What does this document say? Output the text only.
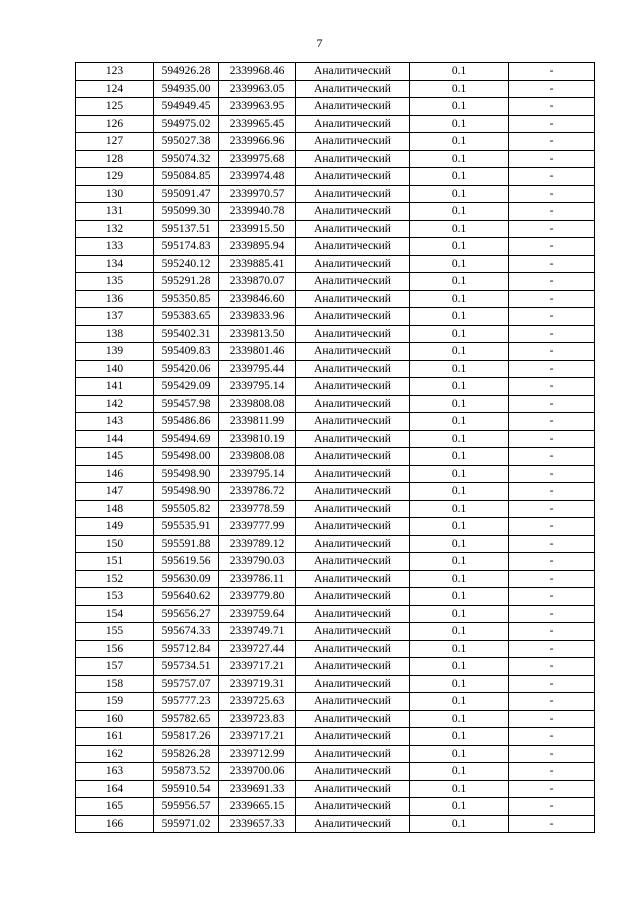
7
123	594926.28	2339968.46	Аналитический	0.1	-
124	594935.00	2339963.05	Аналитический	0.1	-
125	594949.45	2339963.95	Аналитический	0.1	-
126	594975.02	2339965.45	Аналитический	0.1	-
127	595027.38	2339966.96	Аналитический	0.1	-
128	595074.32	2339975.68	Аналитический	0.1	-
129	595084.85	2339974.48	Аналитический	0.1	-
130	595091.47	2339970.57	Аналитический	0.1	-
131	595099.30	2339940.78	Аналитический	0.1	-
132	595137.51	2339915.50	Аналитический	0.1	-
133	595174.83	2339895.94	Аналитический	0.1	-
134	595240.12	2339885.41	Аналитический	0.1	-
135	595291.28	2339870.07	Аналитический	0.1	-
136	595350.85	2339846.60	Аналитический	0.1	-
137	595383.65	2339833.96	Аналитический	0.1	-
138	595402.31	2339813.50	Аналитический	0.1	-
139	595409.83	2339801.46	Аналитический	0.1	-
140	595420.06	2339795.44	Аналитический	0.1	-
141	595429.09	2339795.14	Аналитический	0.1	-
142	595457.98	2339808.08	Аналитический	0.1	-
143	595486.86	2339811.99	Аналитический	0.1	-
144	595494.69	2339810.19	Аналитический	0.1	-
145	595498.00	2339808.08	Аналитический	0.1	-
146	595498.90	2339795.14	Аналитический	0.1	-
147	595498.90	2339786.72	Аналитический	0.1	-
148	595505.82	2339778.59	Аналитический	0.1	-
149	595535.91	2339777.99	Аналитический	0.1	-
150	595591.88	2339789.12	Аналитический	0.1	-
151	595619.56	2339790.03	Аналитический	0.1	-
152	595630.09	2339786.11	Аналитический	0.1	-
153	595640.62	2339779.80	Аналитический	0.1	-
154	595656.27	2339759.64	Аналитический	0.1	-
155	595674.33	2339749.71	Аналитический	0.1	-
156	595712.84	2339727.44	Аналитический	0.1	-
157	595734.51	2339717.21	Аналитический	0.1	-
158	595757.07	2339719.31	Аналитический	0.1	-
159	595777.23	2339725.63	Аналитический	0.1	-
160	595782.65	2339723.83	Аналитический	0.1	-
161	595817.26	2339717.21	Аналитический	0.1	-
162	595826.28	2339712.99	Аналитический	0.1	-
163	595873.52	2339700.06	Аналитический	0.1	-
164	595910.54	2339691.33	Аналитический	0.1	-
165	595956.57	2339665.15	Аналитический	0.1	-
166	595971.02	2339657.33	Аналитический	0.1	-
